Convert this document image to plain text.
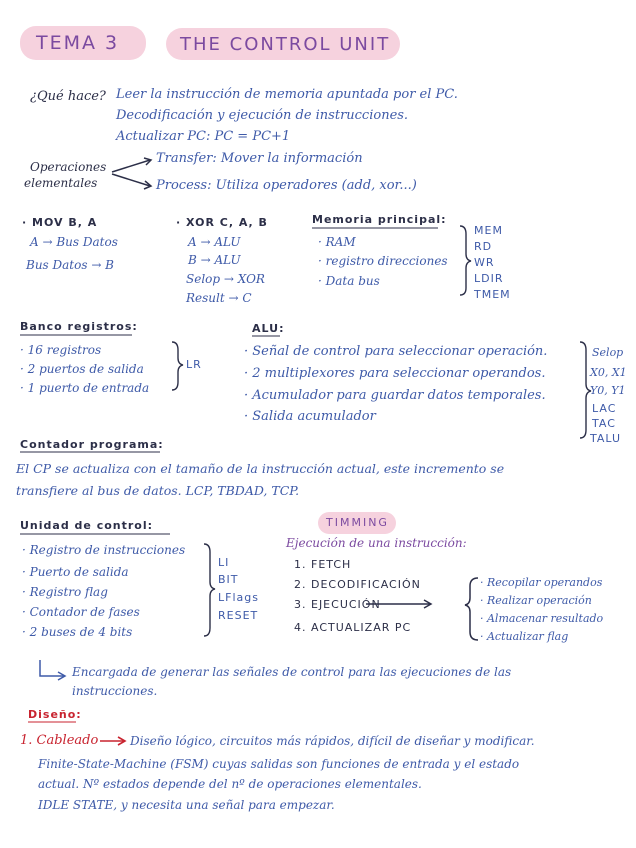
TEMA 3	THE CONTROL UNIT
¿Qué hace? Leer la instrucción de memoria apuntada por el PC.
Decodificación y ejecución de instrucciones.
Actualizar PC: PC = PC+1
Operaciones
elementales
Transfer: Mover la información
Process: Utiliza operadores (add, xor...)
· MOV B, A
A → Bus Datos
Bus Datos → B
· XOR C, A, B
A → ALU
B → ALU
Selop → XOR
Result → C
Memoria principal:
· RAM
· registro direcciones
· Data bus
MEM
RD
WR
LDIR
TMEM
Banco registros:
· 16 registros
· 2 puertos de salida
· 1 puerto de entrada
LR
ALU:
· Señal de control para seleccionar operación.
· 2 multiplexores para seleccionar operandos.
· Acumulador para guardar datos temporales.
· Salida acumulador
Selop
X0, X1
Y0, Y1
LAC
TAC
TALU
Contador programa:
El CP se actualiza con el tamaño de la instrucción actual, este incremento se
transfiere al bus de datos. LCP, TBDAD, TCP.
Unidad de control:
· Registro de instrucciones
· Puerto de salida
· Registro flag
· Contador de fases
· 2 buses de 4 bits
LI
BIT
LFlags
RESET
TIMMING
Ejecución de una instrucción:
1. FETCH
2. DECODIFICACIÓN
3. EJECUCIÓN
4. ACTUALIZAR PC
· Recopilar operandos
· Realizar operación
· Almacenar resultado
· Actualizar flag
Encargada de generar las señales de control para las ejecuciones de las
instrucciones.
Diseño:
1. Cableado	Diseño lógico, circuitos más rápidos, difícil de diseñar y modificar.
Finite-State-Machine (FSM) cuyas salidas son funciones de entrada y el estado
actual. Nº estados depende del nº de operaciones elementales.
IDLE STATE, y necesita una señal para empezar.
